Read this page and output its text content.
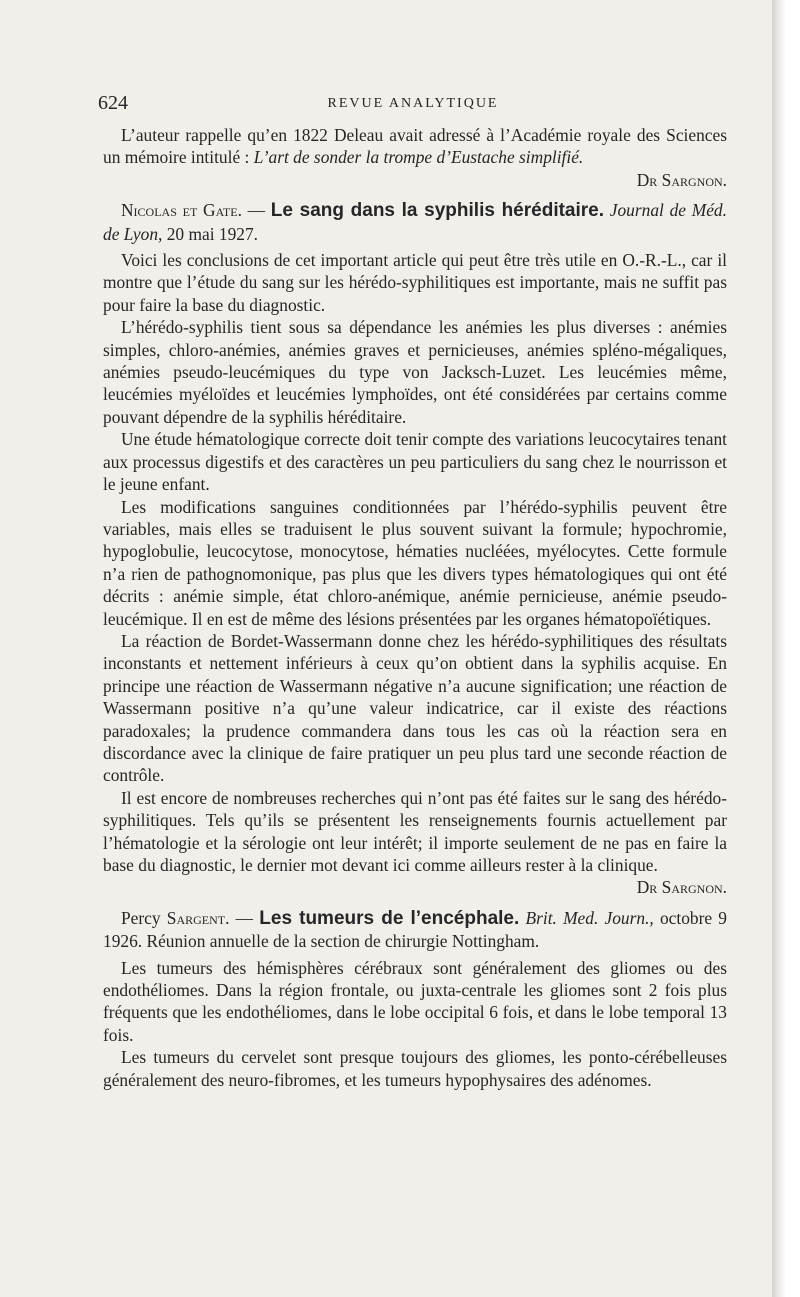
624	REVUE ANALYTIQUE

L’auteur rappelle qu’en 1822 Deleau avait adressé à l’Académie royale des Sciences un mémoire intitulé : L’art de sonder la trompe d’Eustache simplifié.

Dr Sargnon.

Nicolas et Gate. — Le sang dans la syphilis héréditaire. Journal de Méd. de Lyon, 20 mai 1927.

Voici les conclusions de cet important article qui peut être très utile en O.-R.-L., car il montre que l’étude du sang sur les hérédo-syphilitiques est importante, mais ne suffit pas pour faire la base du diagnostic.

L’hérédo-syphilis tient sous sa dépendance les anémies les plus diverses : anémies simples, chloro-anémies, anémies graves et pernicieuses, anémies spléno-mégaliques, anémies pseudo-leucémiques du type von Jacksch-Luzet. Les leucémies même, leucémies myéloïdes et leucémies lymphoïdes, ont été considérées par certains comme pouvant dépendre de la syphilis héréditaire.

Une étude hématologique correcte doit tenir compte des variations leucocytaires tenant aux processus digestifs et des caractères un peu particuliers du sang chez le nourrisson et le jeune enfant.

Les modifications sanguines conditionnées par l’hérédo-syphilis peuvent être variables, mais elles se traduisent le plus souvent suivant la formule; hypochromie, hypoglobulie, leucocytose, monocytose, hématies nucléées, myélocytes. Cette formule n’a rien de pathognomonique, pas plus que les divers types hématologiques qui ont été décrits : anémie simple, état chloro-anémique, anémie pernicieuse, anémie pseudo-leucémique. Il en est de même des lésions présentées par les organes hématopoïétiques.

La réaction de Bordet-Wassermann donne chez les hérédo-syphilitiques des résultats inconstants et nettement inférieurs à ceux qu’on obtient dans la syphilis acquise. En principe une réaction de Wassermann négative n’a aucune signification; une réaction de Wassermann positive n’a qu’une valeur indicatrice, car il existe des réactions paradoxales; la prudence commandera dans tous les cas où la réaction sera en discordance avec la clinique de faire pratiquer un peu plus tard une seconde réaction de contrôle.

Il est encore de nombreuses recherches qui n’ont pas été faites sur le sang des hérédo-syphilitiques. Tels qu’ils se présentent les renseignements fournis actuellement par l’hématologie et la sérologie ont leur intérêt; il importe seulement de ne pas en faire la base du diagnostic, le dernier mot devant ici comme ailleurs rester à la clinique.

Dr Sargnon.

Percy Sargent. — Les tumeurs de l’encéphale. Brit. Med. Journ., octobre 9 1926. Réunion annuelle de la section de chirurgie Nottingham.

Les tumeurs des hémisphères cérébraux sont généralement des gliomes ou des endothéliomes. Dans la région frontale, ou juxta-centrale les gliomes sont 2 fois plus fréquents que les endothéliomes, dans le lobe occipital 6 fois, et dans le lobe temporal 13 fois.

Les tumeurs du cervelet sont presque toujours des gliomes, les ponto-cérébelleuses généralement des neuro-fibromes, et les tumeurs hypophysaires des adénomes.
